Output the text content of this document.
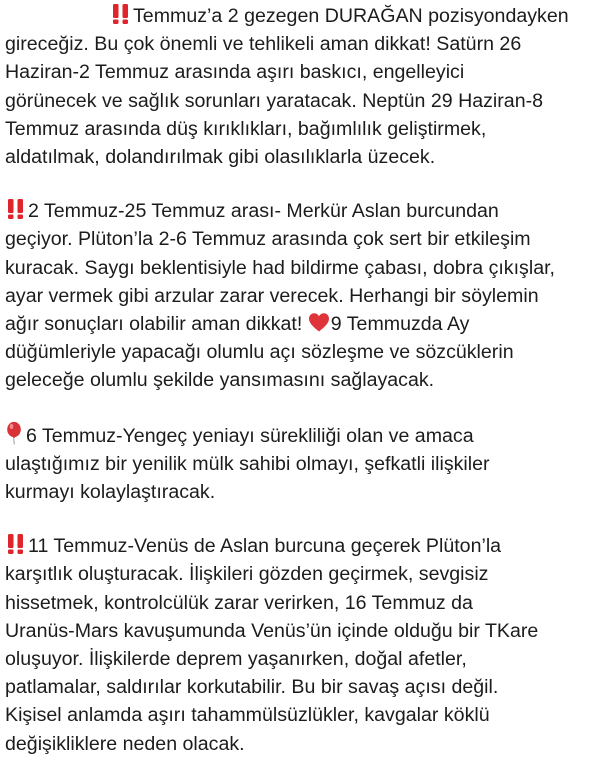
Temmuz’a 2 gezegen DURAĞAN pozisyondayken
gireceğiz. Bu çok önemli ve tehlikeli aman dikkat! Satürn 26
Haziran-2 Temmuz arasında aşırı baskıcı, engelleyici
görünecek ve sağlık sorunları yaratacak. Neptün 29 Haziran-8
Temmuz arasında düş kırıklıkları, bağımlılık geliştirmek,
aldatılmak, dolandırılmak gibi olasılıklarla üzecek.
2 Temmuz-25 Temmuz arası- Merkür Aslan burcundan
geçiyor. Plüton’la 2-6 Temmuz arasında çok sert bir etkileşim
kuracak. Saygı beklentisiyle had bildirme çabası, dobra çıkışlar,
ayar vermek gibi arzular zarar verecek. Herhangi bir söylemin
ağır sonuçları olabilir aman dikkat! 9 Temmuzda Ay
düğümleriyle yapacağı olumlu açı sözleşme ve sözcüklerin
geleceğe olumlu şekilde yansımasını sağlayacak.
6 Temmuz-Yengeç yeniayı sürekliliği olan ve amaca
ulaştığımız bir yenilik mülk sahibi olmayı, şefkatli ilişkiler
kurmayı kolaylaştıracak.
11 Temmuz-Venüs de Aslan burcuna geçerek Plüton’la
karşıtlık oluşturacak. İlişkileri gözden geçirmek, sevgisiz
hissetmek, kontrolcülük zarar verirken, 16 Temmuz da
Uranüs-Mars kavuşumunda Venüs’ün içinde olduğu bir TKare
oluşuyor. İlişkilerde deprem yaşanırken, doğal afetler,
patlamalar, saldırılar korkutabilir. Bu bir savaş açısı değil.
Kişisel anlamda aşırı tahammülsüzlükler, kavgalar köklü
değişikliklere neden olacak.
